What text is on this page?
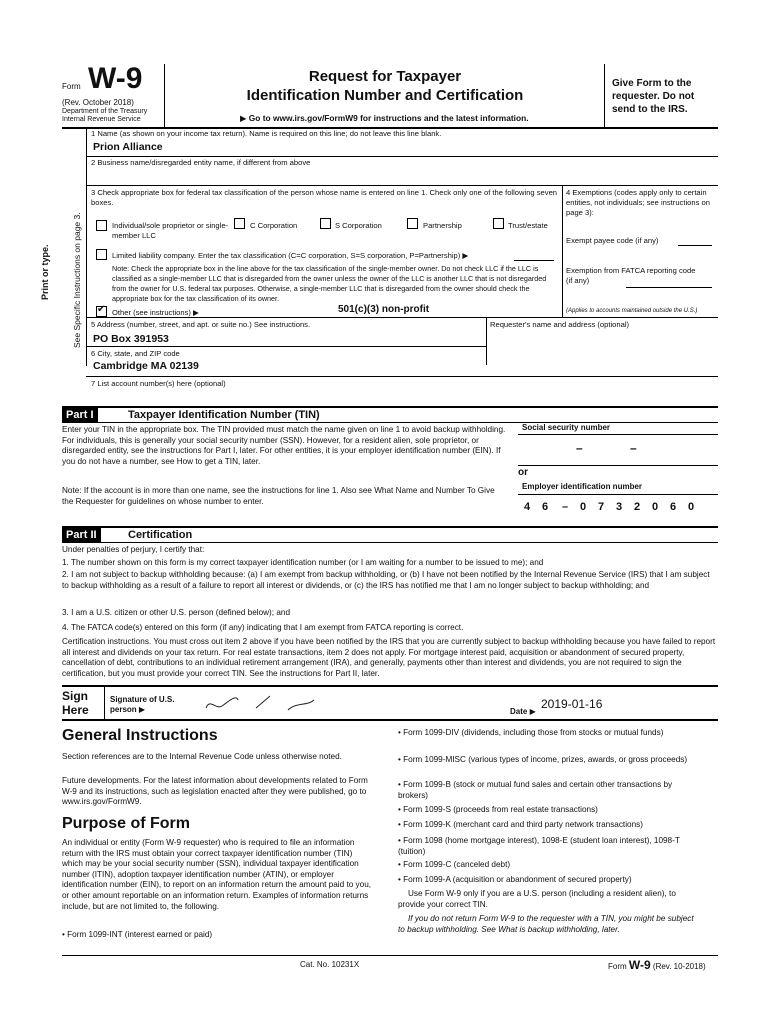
Form W-9
(Rev. October 2018)
Department of the Treasury
Internal Revenue Service
Request for Taxpayer
Identification Number and Certification
▶ Go to www.irs.gov/FormW9 for instructions and the latest information.
Give Form to the requester. Do not send to the IRS.
Print or type.	See Specific Instructions on page 3.
1 Name (as shown on your income tax return). Name is required on this line; do not leave this line blank.
Prion Alliance
2 Business name/disregarded entity name, if different from above
3 Check appropriate box for federal tax classification of the person whose name is entered on line 1. Check only one of the following seven boxes.
Individual/sole proprietor or single-member LLC
C Corporation	S Corporation	Partnership	Trust/estate
Limited liability company. Enter the tax classification (C=C corporation, S=S corporation, P=Partnership) ▶
Note: Check the appropriate box in the line above for the tax classification of the single-member owner. Do not check LLC if the LLC is classified as a single-member LLC that is disregarded from the owner unless the owner of the LLC is another LLC that is not disregarded from the owner for U.S. federal tax purposes. Otherwise, a single-member LLC that is disregarded from the owner should check the appropriate box for the tax classification of its owner.
✔
Other (see instructions) ▶	501(c)(3) non-profit
4 Exemptions (codes apply only to certain entities, not individuals; see instructions on page 3):
Exempt payee code (if any)
Exemption from FATCA reporting code (if any)
(Applies to accounts maintained outside the U.S.)
5 Address (number, street, and apt. or suite no.) See instructions.
PO Box 391953
Requester's name and address (optional)
6 City, state, and ZIP code
Cambridge MA 02139
7 List account number(s) here (optional)
Part I	Taxpayer Identification Number (TIN)
Enter your TIN in the appropriate box. The TIN provided must match the name given on line 1 to avoid backup withholding. For individuals, this is generally your social security number (SSN). However, for a resident alien, sole proprietor, or disregarded entity, see the instructions for Part I, later. For other entities, it is your employer identification number (EIN). If you do not have a number, see How to get a TIN, later.
Note: If the account is in more than one name, see the instructions for line 1. Also see What Name and Number To Give the Requester for guidelines on whose number to enter.
Social security number
–	–
or
Employer identification number
4	6	–	0	7	3	2	0	6	0
Part II	Certification
Under penalties of perjury, I certify that:
1. The number shown on this form is my correct taxpayer identification number (or I am waiting for a number to be issued to me); and
2. I am not subject to backup withholding because: (a) I am exempt from backup withholding, or (b) I have not been notified by the Internal Revenue Service (IRS) that I am subject to backup withholding as a result of a failure to report all interest or dividends, or (c) the IRS has notified me that I am no longer subject to backup withholding; and
3. I am a U.S. citizen or other U.S. person (defined below); and
4. The FATCA code(s) entered on this form (if any) indicating that I am exempt from FATCA reporting is correct.
Certification instructions. You must cross out item 2 above if you have been notified by the IRS that you are currently subject to backup withholding because you have failed to report all interest and dividends on your tax return. For real estate transactions, item 2 does not apply. For mortgage interest paid, acquisition or abandonment of secured property, cancellation of debt, contributions to an individual retirement arrangement (IRA), and generally, payments other than interest and dividends, you are not required to sign the certification, but you must provide your correct TIN. See the instructions for Part II, later.
Sign Here
Signature of U.S. person ▶	Date ▶
2019-01-16
General Instructions
Section references are to the Internal Revenue Code unless otherwise noted.
Future developments. For the latest information about developments related to Form W-9 and its instructions, such as legislation enacted after they were published, go to www.irs.gov/FormW9.
Purpose of Form
An individual or entity (Form W-9 requester) who is required to file an information return with the IRS must obtain your correct taxpayer identification number (TIN) which may be your social security number (SSN), individual taxpayer identification number (ITIN), adoption taxpayer identification number (ATIN), or employer identification number (EIN), to report on an information return the amount paid to you, or other amount reportable on an information return. Examples of information returns include, but are not limited to, the following.
• Form 1099-INT (interest earned or paid)
• Form 1099-DIV (dividends, including those from stocks or mutual funds)
• Form 1099-MISC (various types of income, prizes, awards, or gross proceeds)
• Form 1099-B (stock or mutual fund sales and certain other transactions by brokers)
• Form 1099-S (proceeds from real estate transactions)
• Form 1099-K (merchant card and third party network transactions)
• Form 1098 (home mortgage interest), 1098-E (student loan interest), 1098-T (tuition)
• Form 1099-C (canceled debt)
• Form 1099-A (acquisition or abandonment of secured property)
Use Form W-9 only if you are a U.S. person (including a resident alien), to provide your correct TIN.
If you do not return Form W-9 to the requester with a TIN, you might be subject to backup withholding. See What is backup withholding, later.
Cat. No. 10231X	Form W-9 (Rev. 10-2018)
